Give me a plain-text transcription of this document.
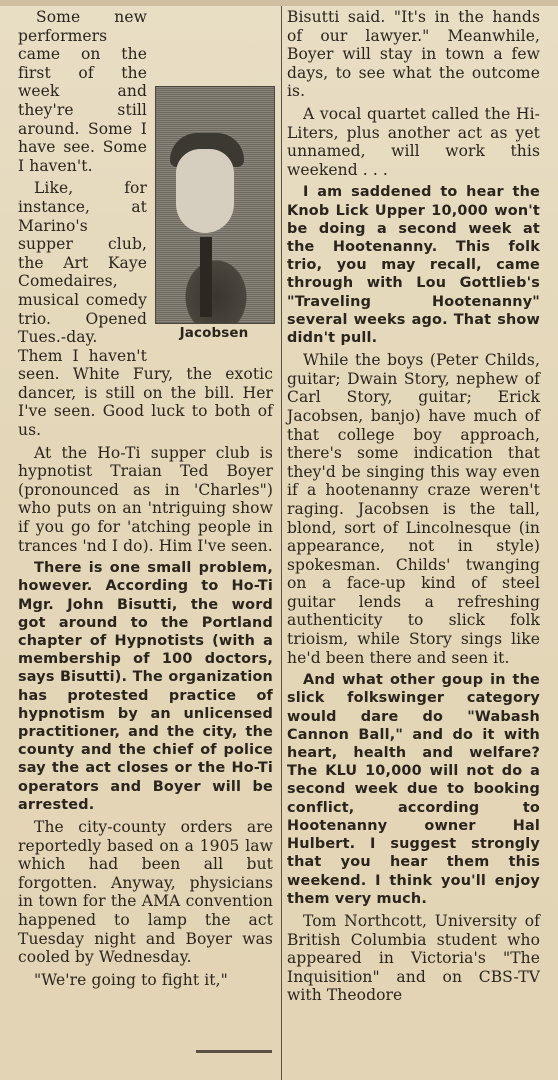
Jacobsen

Some new performers came on the first of the week and they're still around. Some I have see. Some I haven't.

Like, for instance, at Marino's supper club, the Art Kaye Comedaires, musical comedy trio. Opened Tues.-day. Them I haven't seen. White Fury, the exotic dancer, is still on the bill. Her I've seen. Good luck to both of us.

At the Ho-Ti supper club is hypnotist Traian Ted Boyer (pronounced as in 'Charles") who puts on an 'ntriguing show if you go for 'atching people in trances 'nd I do). Him I've seen.

There is one small problem, however. According to Ho-Ti Mgr. John Bisutti, the word got around to the Portland chapter of Hypnotists (with a membership of 100 doctors, says Bisutti). The organization has protested practice of hypnotism by an unlicensed practitioner, and the city, the county and the chief of police say the act closes or the Ho-Ti operators and Boyer will be arrested.

The city-county orders are reportedly based on a 1905 law which had been all but forgotten. Anyway, physicians in town for the AMA convention happened to lamp the act Tuesday night and Boyer was cooled by Wednesday.

"We're going to fight it,"

Bisutti said. "It's in the hands of our lawyer." Meanwhile, Boyer will stay in town a few days, to see what the outcome is.

A vocal quartet called the Hi-Liters, plus another act as yet unnamed, will work this weekend . . .

I am saddened to hear the Knob Lick Upper 10,000 won't be doing a second week at the Hootenanny. This folk trio, you may recall, came through with Lou Gottlieb's "Traveling Hootenanny" several weeks ago. That show didn't pull.

While the boys (Peter Childs, guitar; Dwain Story, nephew of Carl Story, guitar; Erick Jacobsen, banjo) have much of that college boy approach, there's some indication that they'd be singing this way even if a hootenanny craze weren't raging. Jacobsen is the tall, blond, sort of Lincolnesque (in appearance, not in style) spokesman. Childs' twanging on a face-up kind of steel guitar lends a refreshing authenticity to slick folk trioism, while Story sings like he'd been there and seen it.

And what other goup in the slick folkswinger category would dare do "Wabash Cannon Ball," and do it with heart, health and welfare? The KLU 10,000 will not do a second week due to booking conflict, according to Hootenanny owner Hal Hulbert. I suggest strongly that you hear them this weekend. I think you'll enjoy them very much.

Tom Northcott, University of British Columbia student who appeared in Victoria's "The Inquisition" and on CBS-TV with Theodore
